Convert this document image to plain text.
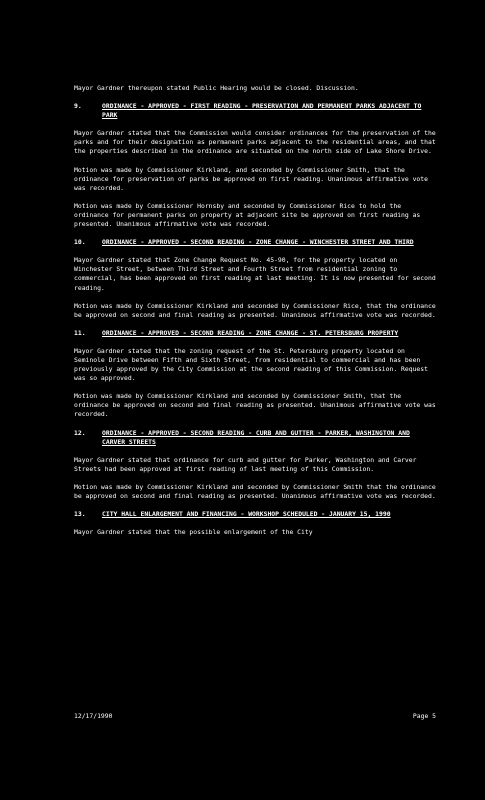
Mayor Gardner thereupon stated Public Hearing would be closed. Discussion.

9.	ORDINANCE - APPROVED - FIRST READING - PRESERVATION AND PERMANENT PARKS ADJACENT TO PARK

Mayor Gardner stated that the Commission would consider ordinances for the preservation of the parks and for their designation as permanent parks adjacent to the residential areas, and that the properties described in the ordinance are situated on the north side of Lake Shore Drive.

Motion was made by Commissioner Kirkland, and seconded by Commissioner Smith, that the ordinance for preservation of parks be approved on first reading. Unanimous affirmative vote was recorded.

Motion was made by Commissioner Hornsby and seconded by Commissioner Rice to hold the ordinance for permanent parks on property at adjacent site be approved on first reading as presented. Unanimous affirmative vote was recorded.

10.	ORDINANCE - APPROVED - SECOND READING - ZONE CHANGE - WINCHESTER STREET AND THIRD

Mayor Gardner stated that Zone Change Request No. 45-90, for the property located on Winchester Street, between Third Street and Fourth Street from residential zoning to commercial, has been approved on first reading at last meeting. It is now presented for second reading.

Motion was made by Commissioner Kirkland and seconded by Commissioner Rice, that the ordinance be approved on second and final reading as presented. Unanimous affirmative vote was recorded.

11.	ORDINANCE - APPROVED - SECOND READING - ZONE CHANGE - ST. PETERSBURG PROPERTY

Mayor Gardner stated that the zoning request of the St. Petersburg property located on Seminole Drive between Fifth and Sixth Street, from residential to commercial and has been previously approved by the City Commission at the second reading of this Commission. Request was so approved.

Motion was made by Commissioner Kirkland and seconded by Commissioner Smith, that the ordinance be approved on second and final reading as presented. Unanimous affirmative vote was recorded.

12.	ORDINANCE - APPROVED - SECOND READING - CURB AND GUTTER - PARKER, WASHINGTON AND CARVER STREETS

Mayor Gardner stated that ordinance for curb and gutter for Parker, Washington and Carver Streets had been approved at first reading of last meeting of this Commission.

Motion was made by Commissioner Kirkland and seconded by Commissioner Smith that the ordinance be approved on second and final reading as presented. Unanimous affirmative vote was recorded.

13.	CITY HALL ENLARGEMENT AND FINANCING - WORKSHOP SCHEDULED - JANUARY 15, 1990

Mayor Gardner stated that the possible enlargement of the City

12/17/1990	Page 5
